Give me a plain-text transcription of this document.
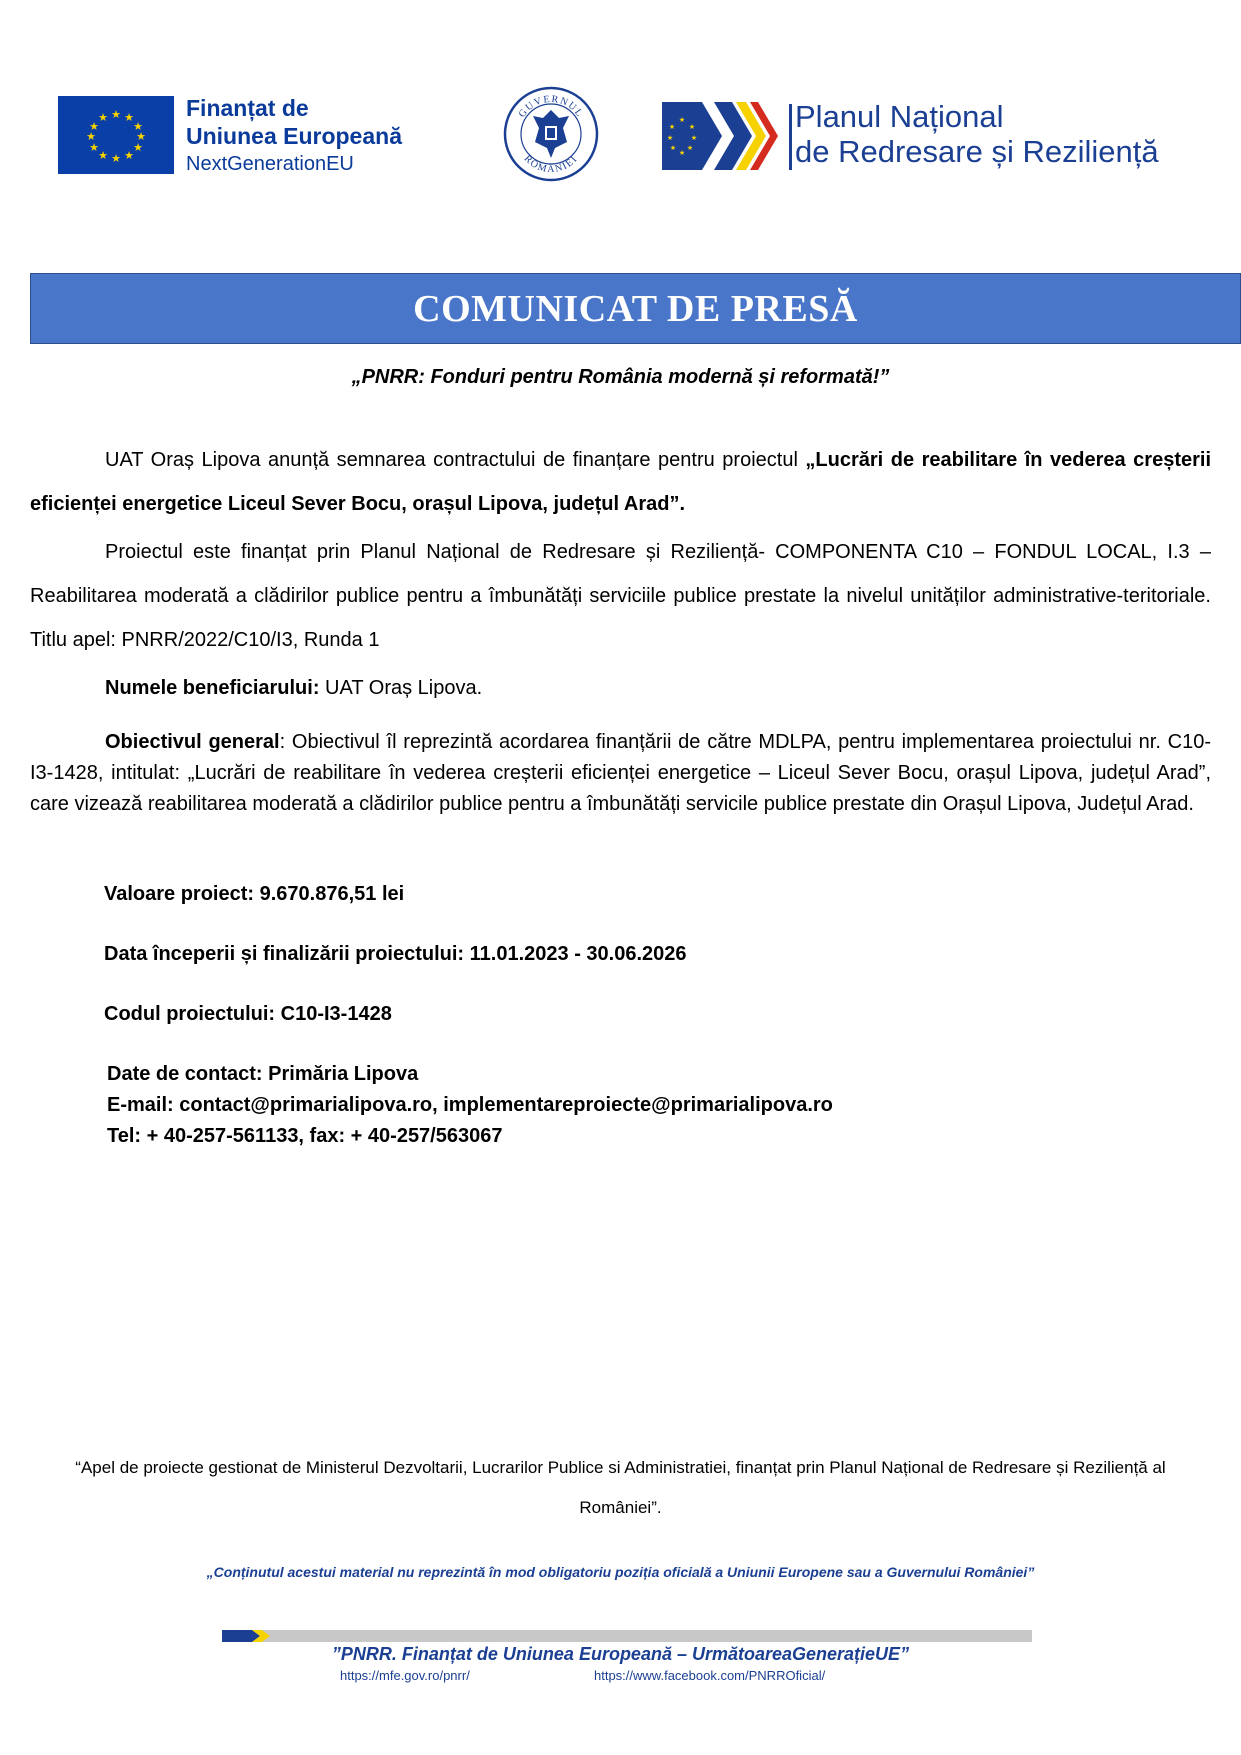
★ ★
★
★
★
★
★
★
★
★
★
★	Finanțat de
Uniunea Europeană
NextGenerationEU
GUVERNUL
ROMÂNIEI
★
★
★
★
★
★
★
★	Planul Național
de Redresare și Reziliență
COMUNICAT DE PRESĂ
„PNRR: Fonduri pentru România modernă și reformată!”
UAT Oraș Lipova anunță semnarea contractului de finanțare pentru proiectul „Lucrări de reabilitare în vederea creșterii eficienței energetice Liceul Sever Bocu, orașul Lipova, județul Arad”.
Proiectul este finanțat prin Planul Național de Redresare și Reziliență- COMPONENTA C10 – FONDUL LOCAL, I.3 – Reabilitarea moderată a clădirilor publice pentru a îmbunătăți serviciile publice prestate la nivelul unităților administrative-teritoriale. Titlu apel: PNRR/2022/C10/I3, Runda 1
Numele beneficiarului: UAT Oraș Lipova.
Obiectivul general: Obiectivul îl reprezintă acordarea finanțării de către MDLPA, pentru implementarea proiectului nr. C10-I3-1428, intitulat: „Lucrări de reabilitare în vederea creșterii eficienței energetice – Liceul Sever Bocu, orașul Lipova, județul Arad”, care vizează reabilitarea moderată a clădirilor publice pentru a îmbunătăți servicile publice prestate din Orașul Lipova, Județul Arad.
Valoare proiect: 9.670.876,51 lei
Data începerii și finalizării proiectului: 11.01.2023 - 30.06.2026
Codul proiectului: C10-I3-1428
Date de contact: Primăria Lipova
E-mail: contact@primarialipova.ro, implementareproiecte@primarialipova.ro
Tel: + 40-257-561133, fax: + 40-257/563067
“Apel de proiecte gestionat de Ministerul Dezvoltarii, Lucrarilor Publice si Administratiei, finanțat prin Planul Național de Redresare și Reziliență al României”.
„Conținutul acestui material nu reprezintă în mod obligatoriu poziția oficială a Uniunii Europene sau a Guvernului României”
”PNRR. Finanțat de Uniunea Europeană – UrmătoareaGenerațieUE”
https://mfe.gov.ro/pnrr/	https://www.facebook.com/PNRROficial/
